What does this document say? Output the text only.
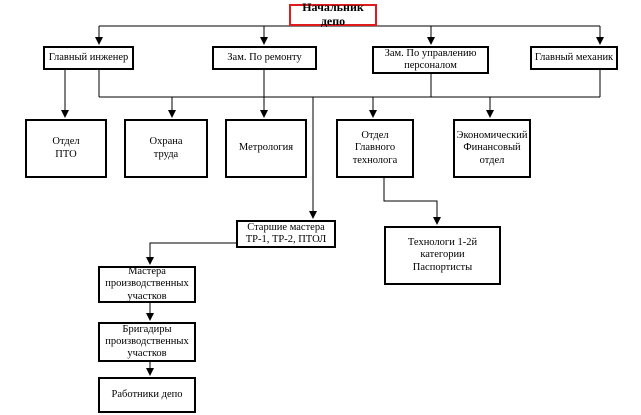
Начальник депо
Главный инженер	Зам. По ремонту	Зам. По управлению
персоналом
Главный механик
Отдел
ПТО
Охрана
труда
Метрология
Отдел
Главного
технолога
Экономический
Финансовый
отдел
Старшие мастера
ТР-1, ТР-2, ПТОЛ	Технологи 1-2й категории
Паспортисты
Мастера
производственных
участков
Бригадиры
производственных
участков
Работники депо
